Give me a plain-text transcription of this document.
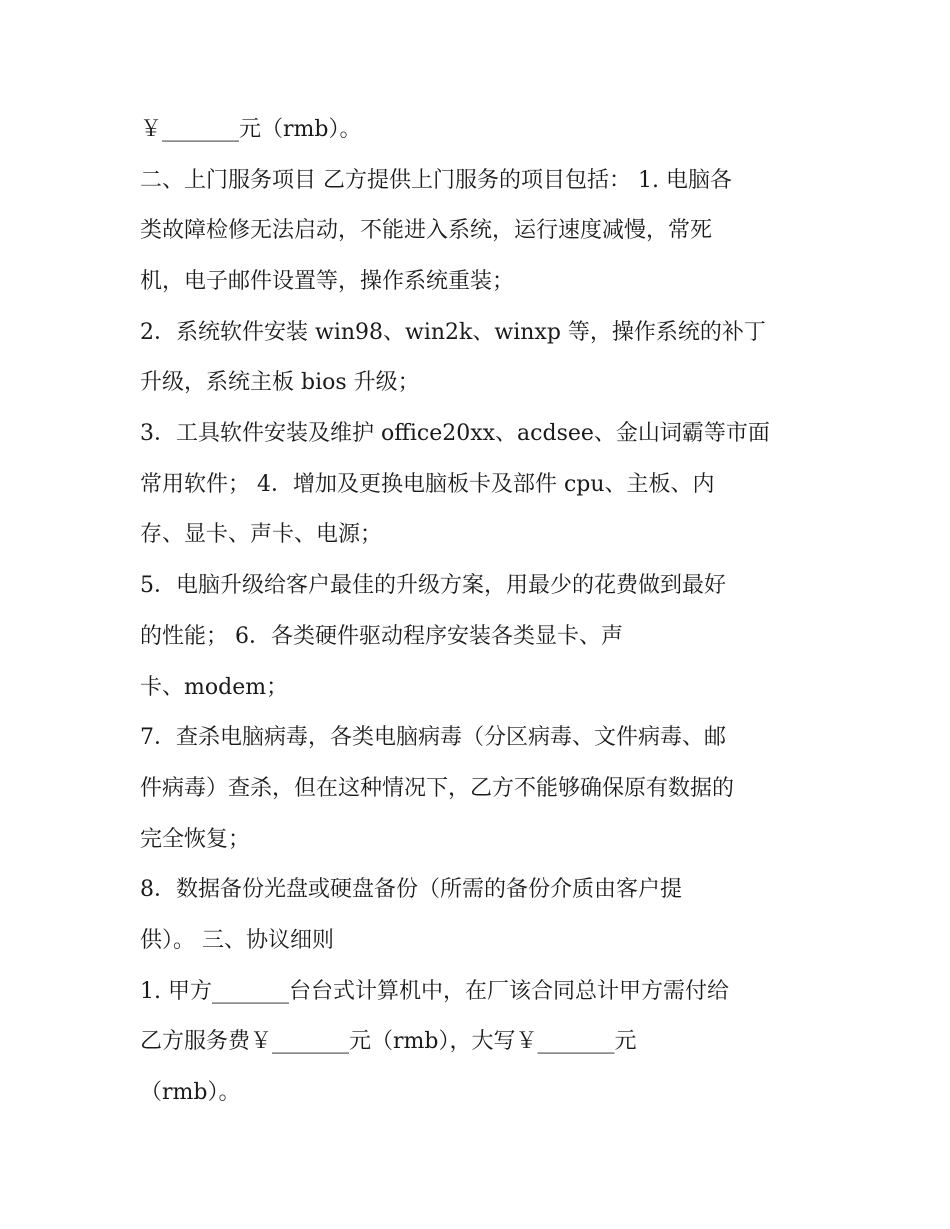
￥_______元（rmb）。
二、上门服务项目 乙方提供上门服务的项目包括： 1. 电脑各
类故障检修无法启动，不能进入系统，运行速度减慢，常死
机，电子邮件设置等，操作系统重装；
2．系统软件安装 win98、win2k、winxp 等，操作系统的补丁
升级，系统主板 bios 升级；
3．工具软件安装及维护 office20xx、acdsee、金山词霸等市面
常用软件； 4．增加及更换电脑板卡及部件 cpu、主板、内
存、显卡、声卡、电源；
5．电脑升级给客户最佳的升级方案，用最少的花费做到最好
的性能； 6．各类硬件驱动程序安装各类显卡、声
卡、modem；
7．查杀电脑病毒，各类电脑病毒（分区病毒、文件病毒、邮
件病毒）查杀，但在这种情况下，乙方不能够确保原有数据的
完全恢复；
8．数据备份光盘或硬盘备份（所需的备份介质由客户提
供）。 三、协议细则
1. 甲方_______台台式计算机中，在厂该合同总计甲方需付给
乙方服务费￥_______元（rmb），大写￥_______元
（rmb）。
